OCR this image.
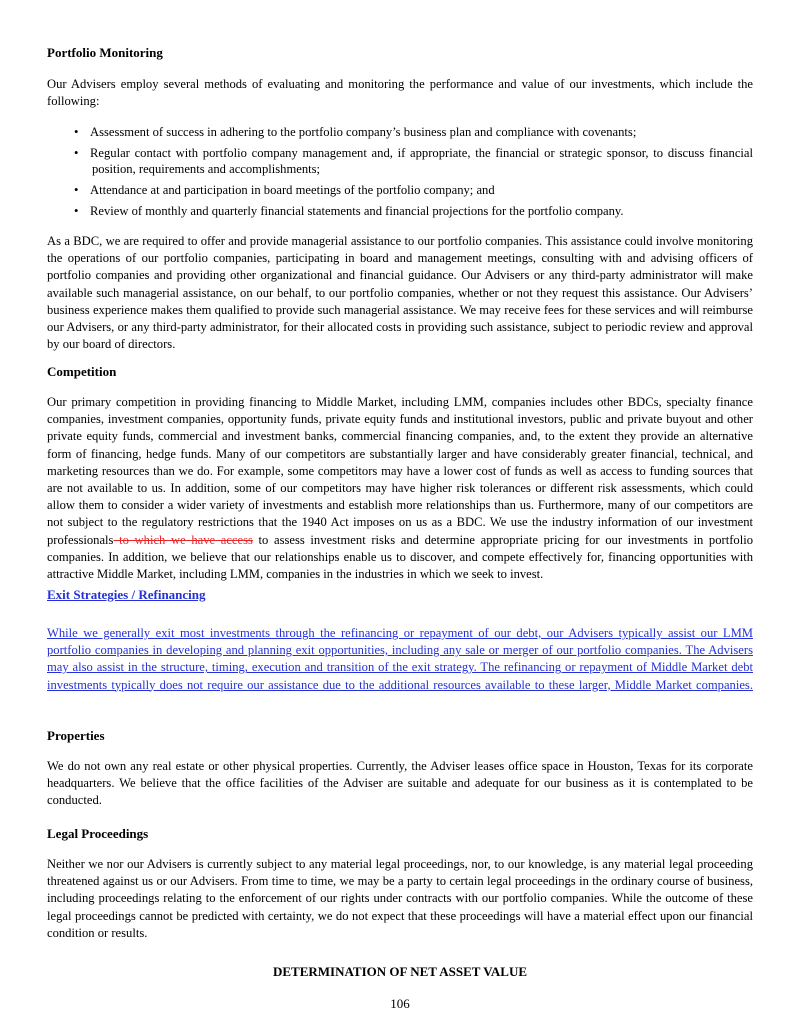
Portfolio Monitoring
Our Advisers employ several methods of evaluating and monitoring the performance and value of our investments, which include the
following:
• Assessment of success in adhering to the portfolio company’s business plan and compliance with covenants;
• Regular contact with portfolio company management and, if appropriate, the financial or strategic sponsor, to discuss financial
position, requirements and accomplishments;
• Attendance at and participation in board meetings of the portfolio company; and
• Review of monthly and quarterly financial statements and financial projections for the portfolio company.
As a BDC, we are required to offer and provide managerial assistance to our portfolio companies. This assistance could involve monitoring
the operations of our portfolio companies, participating in board and management meetings, consulting with and advising officers of
portfolio companies and providing other organizational and financial guidance. Our Advisers or any third-party administrator will make
available such managerial assistance, on our behalf, to our portfolio companies, whether or not they request this assistance. Our Advisers’
business experience makes them qualified to provide such managerial assistance. We may receive fees for these services and will reimburse
our Advisers, or any third-party administrator, for their allocated costs in providing such assistance, subject to periodic review and approval
by our board of directors.
Competition
Our primary competition in providing financing to Middle Market, including LMM, companies includes other BDCs, specialty finance
companies, investment companies, opportunity funds, private equity funds and institutional investors, public and private buyout and other
private equity funds, commercial and investment banks, commercial financing companies, and, to the extent they provide an alternative
form of financing, hedge funds. Many of our competitors are substantially larger and have considerably greater financial, technical, and
marketing resources than we do. For example, some competitors may have a lower cost of funds as well as access to funding sources that
are not available to us. In addition, some of our competitors may have higher risk tolerances or different risk assessments, which could
allow them to consider a wider variety of investments and establish more relationships than us. Furthermore, many of our competitors are
not subject to the regulatory restrictions that the 1940 Act imposes on us as a BDC. We use the industry information of our investment
professionals to which we have access to assess investment risks and determine appropriate pricing for our investments in portfolio
companies. In addition, we believe that our relationships enable us to discover, and compete effectively for, financing opportunities with
attractive Middle Market, including LMM, companies in the industries in which we seek to invest.
Exit Strategies / Refinancing
While we generally exit most investments through the refinancing or repayment of our debt, our Advisers typically assist our LMM
portfolio companies in developing and planning exit opportunities, including any sale or merger of our portfolio companies. The Advisers
may also assist in the structure, timing, execution and transition of the exit strategy. The refinancing or repayment of Middle Market debt
investments typically does not require our assistance due to the additional resources available to these larger, Middle Market companies.
Properties
We do not own any real estate or other physical properties. Currently, the Adviser leases office space in Houston, Texas for its corporate
headquarters. We believe that the office facilities of the Adviser are suitable and adequate for our business as it is contemplated to be
conducted.
Legal Proceedings
Neither we nor our Advisers is currently subject to any material legal proceedings, nor, to our knowledge, is any material legal proceeding
threatened against us or our Advisers. From time to time, we may be a party to certain legal proceedings in the ordinary course of business,
including proceedings relating to the enforcement of our rights under contracts with our portfolio companies. While the outcome of these
legal proceedings cannot be predicted with certainty, we do not expect that these proceedings will have a material effect upon our financial
condition or results.
DETERMINATION OF NET ASSET VALUE
106
